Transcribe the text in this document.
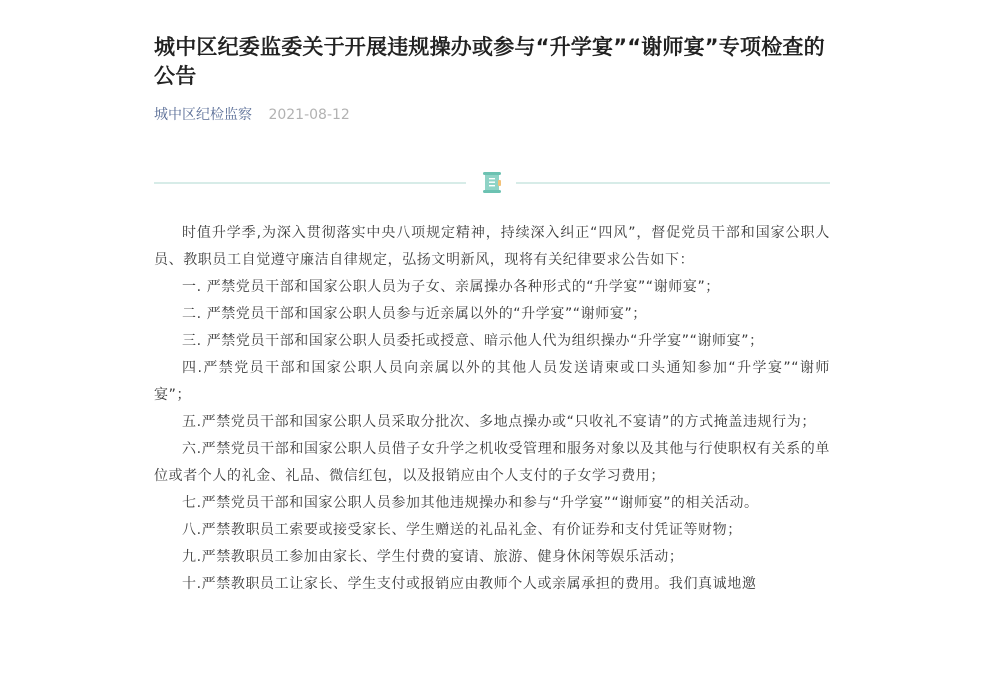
城中区纪委监委关于开展违规操办或参与“升学宴”“谢师宴”专项检查的公告
城中区纪检监察 2021-08-12

时值升学季,为深入贯彻落实中央八项规定精神，持续深入纠正“四风”，督促党员干部和国家公职人员、教职员工自觉遵守廉洁自律规定，弘扬文明新风，现将有关纪律要求公告如下：

一. 严禁党员干部和国家公职人员为子女、亲属操办各种形式的“升学宴”“谢师宴”；

二. 严禁党员干部和国家公职人员参与近亲属以外的“升学宴”“谢师宴”；

三. 严禁党员干部和国家公职人员委托或授意、暗示他人代为组织操办“升学宴”“谢师宴”；

四.严禁党员干部和国家公职人员向亲属以外的其他人员发送请柬或口头通知参加“升学宴”“谢师宴”；

五.严禁党员干部和国家公职人员采取分批次、多地点操办或“只收礼不宴请”的方式掩盖违规行为；

六.严禁党员干部和国家公职人员借子女升学之机收受管理和服务对象以及其他与行使职权有关系的单位或者个人的礼金、礼品、微信红包，以及报销应由个人支付的子女学习费用；

七.严禁党员干部和国家公职人员参加其他违规操办和参与“升学宴”“谢师宴”的相关活动。

八.严禁教职员工索要或接受家长、学生赠送的礼品礼金、有价证券和支付凭证等财物；

九.严禁教职员工参加由家长、学生付费的宴请、旅游、健身休闲等娱乐活动；

十.严禁教职员工让家长、学生支付或报销应由教师个人或亲属承担的费用。我们真诚地邀
